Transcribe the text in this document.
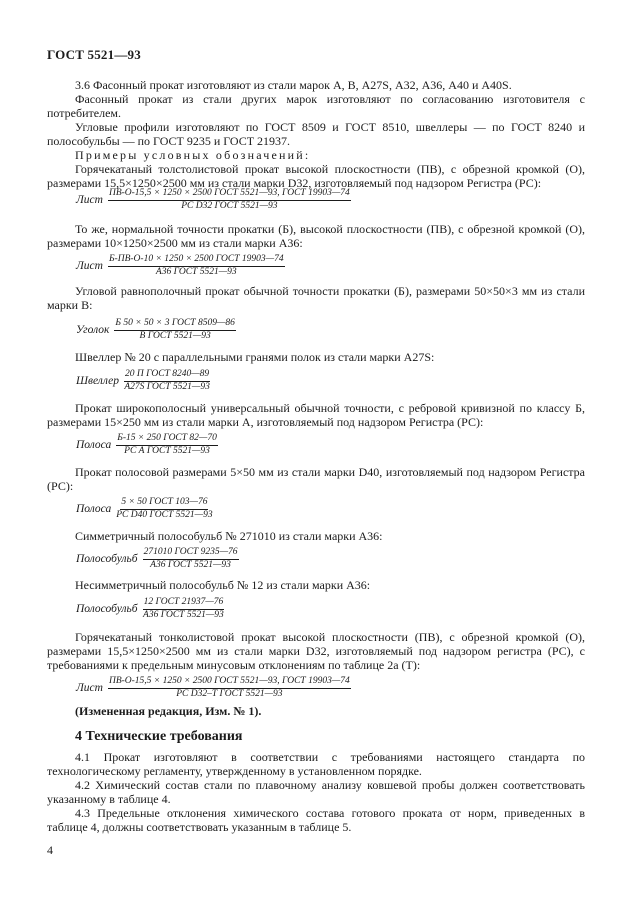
ГОСТ 5521—93

3.6 Фасонный прокат изготовляют из стали марок А, В, А27S, А32, А36, А40 и А40S.

Фасонный прокат из стали других марок изготовляют по согласованию изготовителя с потребителем.

Угловые профили изготовляют по ГОСТ 8509 и ГОСТ 8510, швеллеры — по ГОСТ 8240 и полособульбы — по ГОСТ 9235 и ГОСТ 21937.

Примеры условных обозначений:

Горячекатаный толстолистовой прокат высокой плоскостности (ПВ), с обрезной кромкой (О), размерами 15,5×1250×2500 мм из стали марки D32, изготовляемый под надзором Регистра (РС):

Лист $\frac{\text{ПВ-О-15,5 × 1250 × 2500 ГОСТ 5521—93, ГОСТ 19903—74}}{\text{РС D32 ГОСТ 5521—93}}$

То же, нормальной точности прокатки (Б), высокой плоскостности (ПВ), с обрезной кромкой (О), размерами 10×1250×2500 мм из стали марки А36:

Лист $\frac{\text{Б-ПВ-О-10 × 1250 × 2500 ГОСТ 19903—74}}{\text{А36 ГОСТ 5521—93}}$

Угловой равнополочный прокат обычной точности прокатки (Б), размерами 50×50×3 мм из стали марки В:

Уголок $\frac{\text{Б 50 × 50 × 3 ГОСТ 8509—86}}{\text{В ГОСТ 5521—93}}$

Швеллер № 20 с параллельными гранями полок из стали марки А27S:

Швеллер $\frac{\text{20 П ГОСТ 8240—89}}{\text{А27S ГОСТ 5521—93}}$

Прокат широкополосный универсальный обычной точности, с ребровой кривизной по классу Б, размерами 15×250 мм из стали марки А, изготовляемый под надзором Регистра (РС):

Полоса $\frac{\text{Б-15 × 250 ГОСТ 82—70}}{\text{РС А ГОСТ 5521—93}}$

Прокат полосовой размерами 5×50 мм из стали марки D40, изготовляемый под надзором Регистра (РС):

Полоса $\frac{\text{5 × 50 ГОСТ 103—76}}{\text{РС D40 ГОСТ 5521—93}}$

Симметричный полособульб № 271010 из стали марки А36:

Полособульб $\frac{\text{271010 ГОСТ 9235—76}}{\text{А36 ГОСТ 5521—93}}$

Несимметричный полособульб № 12 из стали марки А36:

Полособульб $\frac{\text{12 ГОСТ 21937—76}}{\text{А36 ГОСТ 5521—93}}$

Горячекатаный тонколистовой прокат высокой плоскостности (ПВ), с обрезной кромкой (О), размерами 15,5×1250×2500 мм из стали марки D32, изготовляемый под надзором регистра (РС), с требованиями к предельным минусовым отклонениям по таблице 2а (Т):

Лист $\frac{\text{ПВ-О-15,5 × 1250 × 2500 ГОСТ 5521—93, ГОСТ 19903—74}}{\text{РС D32–Т ГОСТ 5521—93}}$
(Измененная редакция, Изм. № 1).
4 Технические требования

4.1 Прокат изготовляют в соответствии с требованиями настоящего стандарта по технологическому регламенту, утвержденному в установленном порядке.

4.2 Химический состав стали по плавочному анализу ковшевой пробы должен соответствовать указанному в таблице 4.

4.3 Предельные отклонения химического состава готового проката от норм, приведенных в таблице 4, должны соответствовать указанным в таблице 5.

4
